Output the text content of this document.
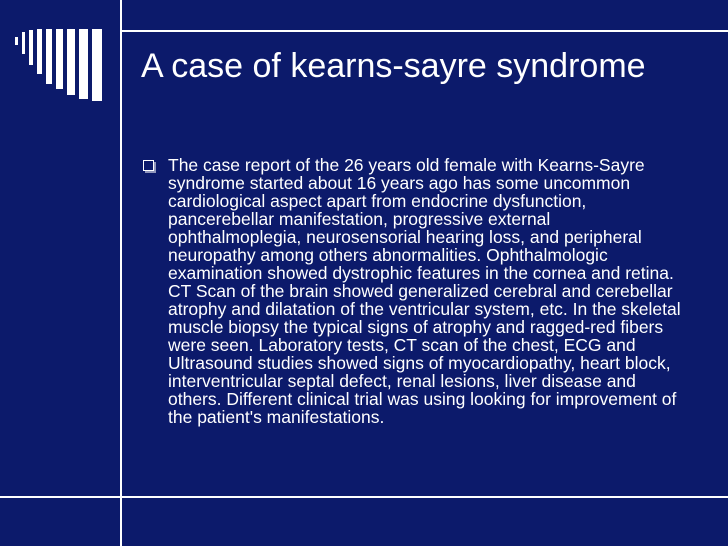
A case of kearns-sayre syndrome

The case report of the 26 years old female with Kearns-Sayre syndrome started about 16 years ago has some uncommon cardiological aspect apart from endocrine dysfunction, pancerebellar manifestation, progressive external ophthalmoplegia, neurosensorial hearing loss, and peripheral neuropathy among others abnormalities. Ophthalmologic examination showed dystrophic features in the cornea and retina. CT Scan of the brain showed generalized cerebral and cerebellar atrophy and dilatation of the ventricular system, etc. In the skeletal muscle biopsy the typical signs of atrophy and ragged-red fibers were seen. Laboratory tests, CT scan of the chest, ECG and Ultrasound studies showed signs of myocardiopathy, heart block, interventricular septal defect, renal lesions, liver disease and others. Different clinical trial was using looking for improvement of the patient's manifestations.
